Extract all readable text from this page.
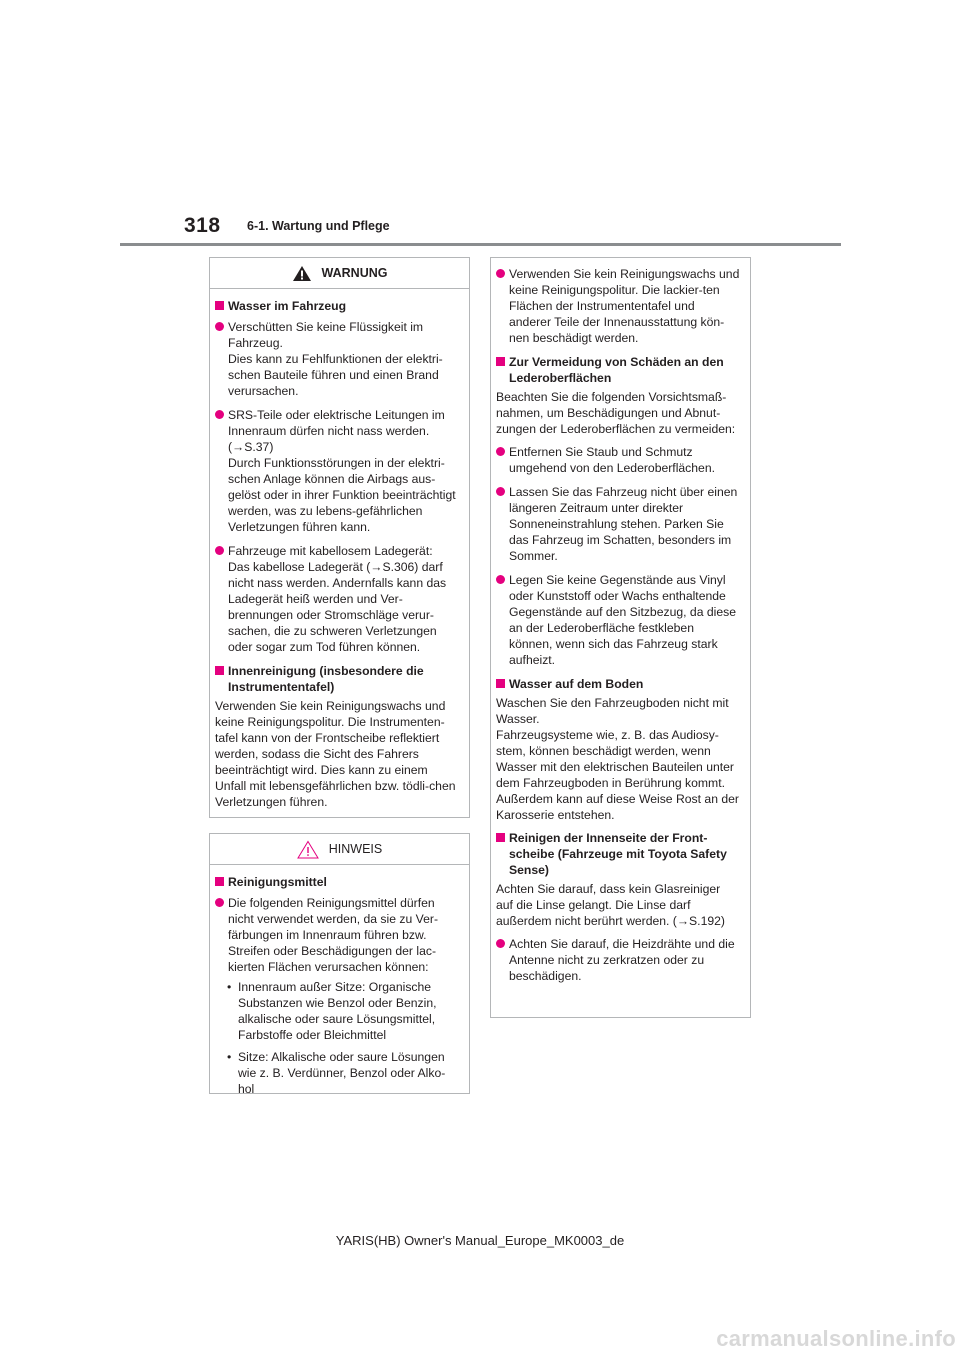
318 6-1. Wartung und Pflege
WARNUNG
Wasser im Fahrzeug
Verschütten Sie keine Flüssigkeit im Fahrzeug.
Dies kann zu Fehlfunktionen der elektri-schen Bauteile führen und einen Brand verursachen.
SRS-Teile oder elektrische Leitungen im Innenraum dürfen nicht nass werden. (→S.37)
Durch Funktionsstörungen in der elektri-schen Anlage können die Airbags aus-gelöst oder in ihrer Funktion beeinträchtigt werden, was zu lebens-gefährlichen Verletzungen führen kann.
Fahrzeuge mit kabellosem Ladegerät:
Das kabellose Ladegerät (→S.306) darf nicht nass werden. Andernfalls kann das Ladegerät heiß werden und Ver-brennungen oder Stromschläge verur-sachen, die zu schweren Verletzungen oder sogar zum Tod führen können.
Innenreinigung (insbesondere die Instrumententafel)
Verwenden Sie kein Reinigungswachs und keine Reinigungspolitur. Die Instrumenten-tafel kann von der Frontscheibe reflektiert werden, sodass die Sicht des Fahrers beeinträchtigt wird. Dies kann zu einem Unfall mit lebensgefährlichen bzw. tödli-chen Verletzungen führen.
HINWEIS
Reinigungsmittel
Die folgenden Reinigungsmittel dürfen nicht verwendet werden, da sie zu Ver-färbungen im Innenraum führen bzw. Streifen oder Beschädigungen der lac-kierten Flächen verursachen können:
• Innenraum außer Sitze: Organische Substanzen wie Benzol oder Benzin, alkalische oder saure Lösungsmittel, Farbstoffe oder Bleichmittel
• Sitze: Alkalische oder saure Lösungen wie z. B. Verdünner, Benzol oder Alko-hol
Verwenden Sie kein Reinigungswachs und keine Reinigungspolitur. Die lackier-ten Flächen der Instrumententafel und anderer Teile der Innenausstattung kön-nen beschädigt werden.
Zur Vermeidung von Schäden an den Lederoberflächen
Beachten Sie die folgenden Vorsichtsmaß-nahmen, um Beschädigungen und Abnut-zungen der Lederoberflächen zu vermeiden:
Entfernen Sie Staub und Schmutz umgehend von den Lederoberflächen.
Lassen Sie das Fahrzeug nicht über einen längeren Zeitraum unter direkter Sonneneinstrahlung stehen. Parken Sie das Fahrzeug im Schatten, besonders im Sommer.
Legen Sie keine Gegenstände aus Vinyl oder Kunststoff oder Wachs enthaltende Gegenstände auf den Sitzbezug, da diese an der Lederoberfläche festkleben können, wenn sich das Fahrzeug stark aufheizt.
Wasser auf dem Boden
Waschen Sie den Fahrzeugboden nicht mit Wasser.
Fahrzeugsysteme wie, z. B. das Audiosy-stem, können beschädigt werden, wenn Wasser mit den elektrischen Bauteilen unter dem Fahrzeugboden in Berührung kommt. Außerdem kann auf diese Weise Rost an der Karosserie entstehen.
Reinigen der Innenseite der Front-scheibe (Fahrzeuge mit Toyota Safety Sense)
Achten Sie darauf, dass kein Glasreiniger auf die Linse gelangt. Die Linse darf außerdem nicht berührt werden. (→S.192)
Achten Sie darauf, die Heizdrähte und die Antenne nicht zu zerkratzen oder zu beschädigen.
YARIS(HB) Owner's Manual_Europe_MK0003_de
carmanualsonline.info
